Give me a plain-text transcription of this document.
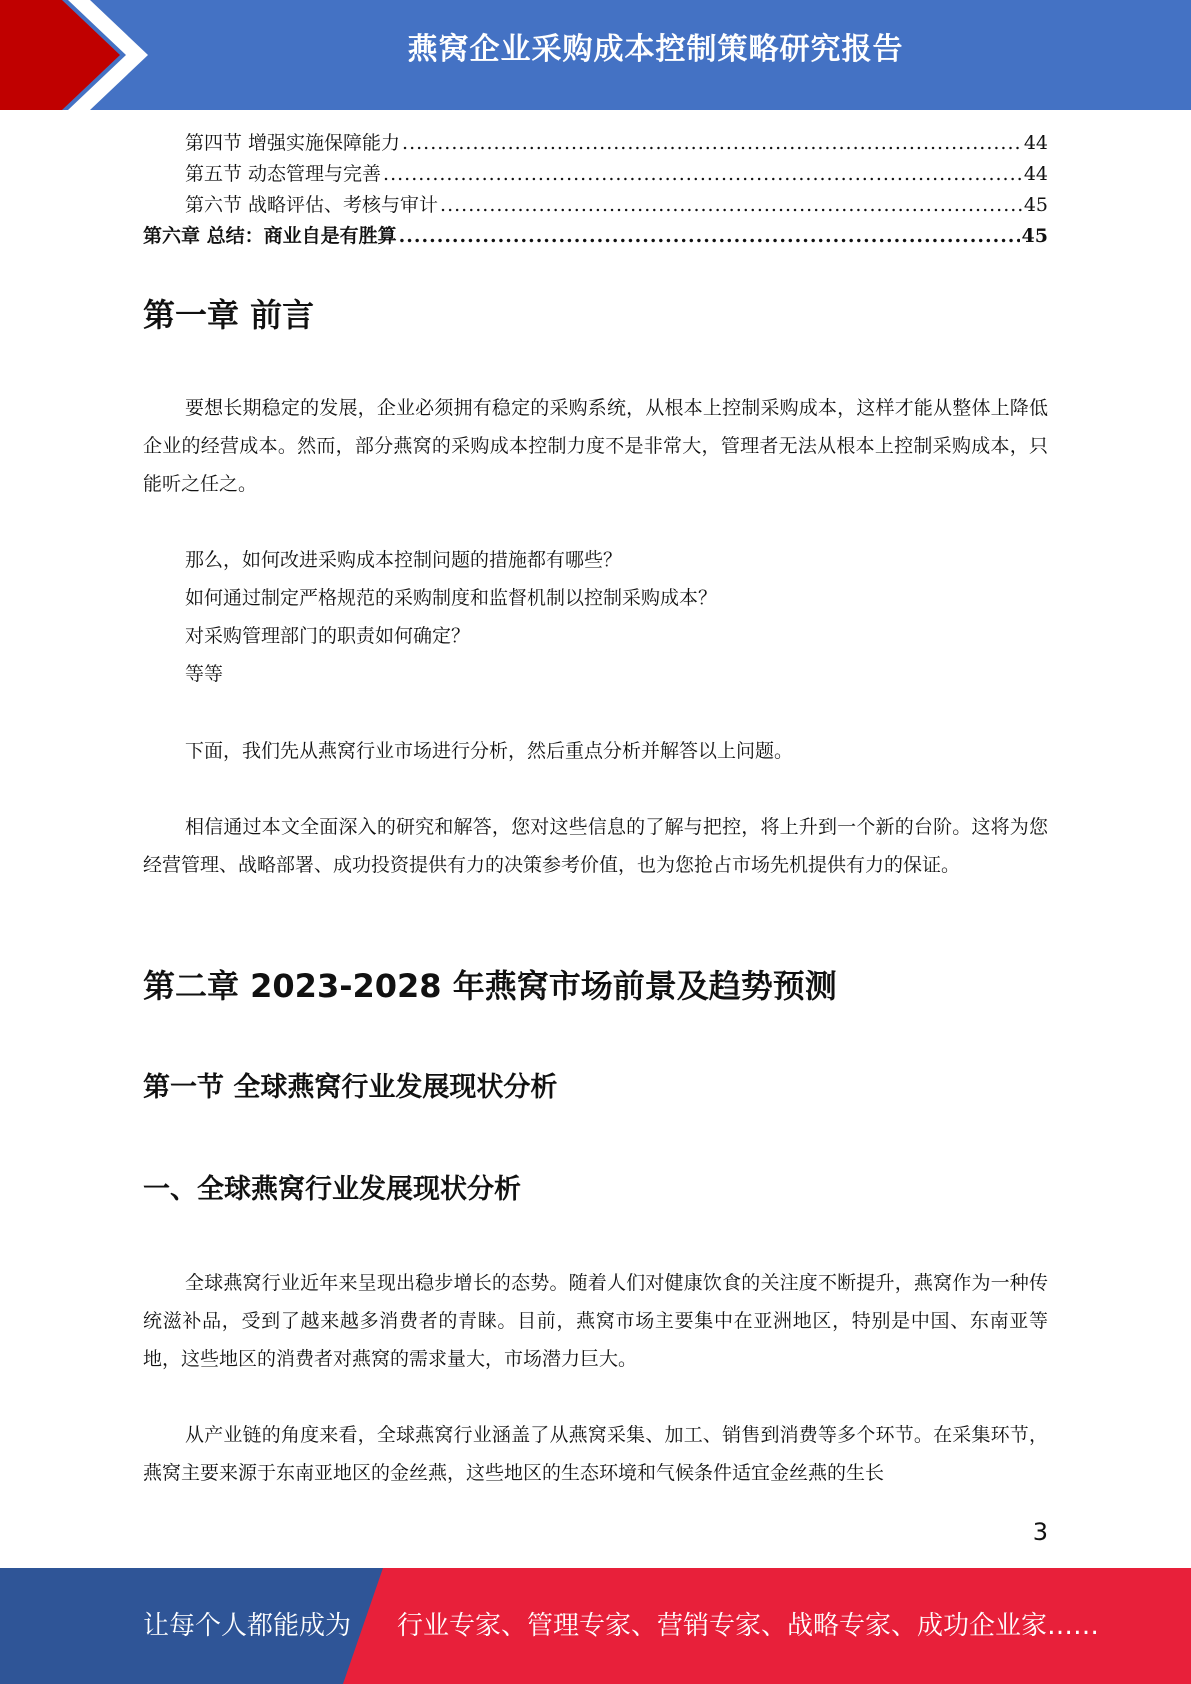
燕窝企业采购成本控制策略研究报告
第四节 增强实施保障能力 .....	44
第五节 动态管理与完善 .....	44
第六节 战略评估、考核与审计 .....	45
第六章 总结：商业自是有胜算 .....	45
第一章 前言

要想长期稳定的发展，企业必须拥有稳定的采购系统，从根本上控制采购成本，这样才能从整体上降低企业的经营成本。然而，部分燕窝的采购成本控制力度不是非常大，管理者无法从根本上控制采购成本，只能听之任之。

那么，如何改进采购成本控制问题的措施都有哪些？

如何通过制定严格规范的采购制度和监督机制以控制采购成本？

对采购管理部门的职责如何确定？

等等

下面，我们先从燕窝行业市场进行分析，然后重点分析并解答以上问题。

相信通过本文全面深入的研究和解答，您对这些信息的了解与把控，将上升到一个新的台阶。这将为您经营管理、战略部署、成功投资提供有力的决策参考价值，也为您抢占市场先机提供有力的保证。

第二章 2023-2028 年燕窝市场前景及趋势预测
第一节 全球燕窝行业发展现状分析
一、全球燕窝行业发展现状分析

全球燕窝行业近年来呈现出稳步增长的态势。随着人们对健康饮食的关注度不断提升，燕窝作为一种传统滋补品，受到了越来越多消费者的青睐。目前，燕窝市场主要集中在亚洲地区，特别是中国、东南亚等地，这些地区的消费者对燕窝的需求量大，市场潜力巨大。

从产业链的角度来看，全球燕窝行业涵盖了从燕窝采集、加工、销售到消费等多个环节。在采集环节，燕窝主要来源于东南亚地区的金丝燕，这些地区的生态环境和气候条件适宜金丝燕的生长

3
让每个人都能成为 行业专家、管理专家、营销专家、战略专家、成功企业家……
